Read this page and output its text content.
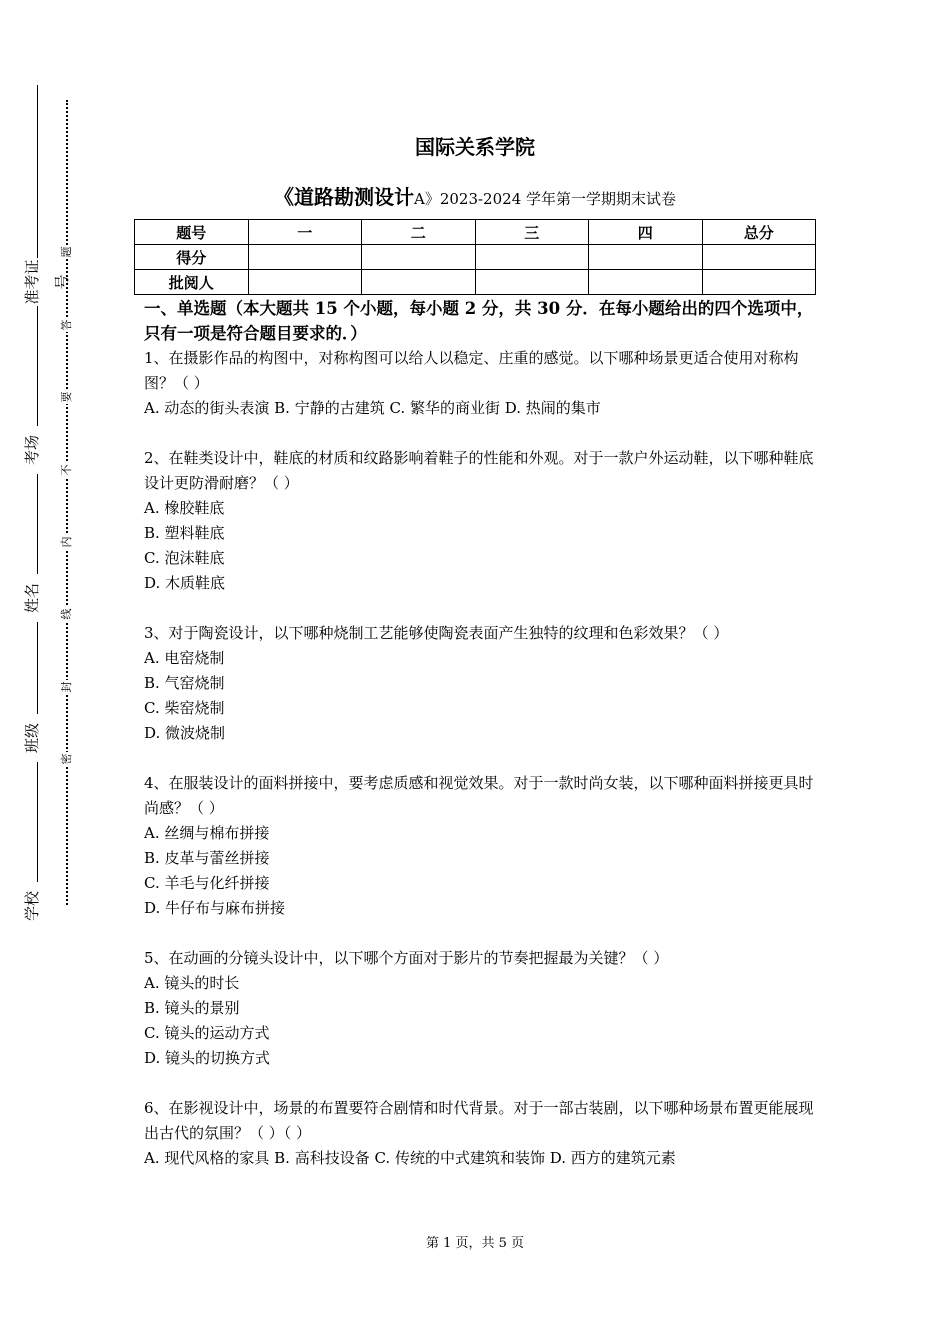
准考证号
考场
姓名
班级
学校
题
答
要
不
内
线
封
密
国际关系学院
《道路勘测设计A》2023-2024 学年第一学期期末试卷
题号	一	二	三	四	总分
得分					
批阅人					

一、单选题（本大题共 15 个小题，每小题 2 分，共 30 分．在每小题给出的四个选项中，只有一项是符合题目要求的．）

1、在摄影作品的构图中，对称构图可以给人以稳定、庄重的感觉。以下哪种场景更适合使用对称构图？（ ）

A. 动态的街头表演 B. 宁静的古建筑 C. 繁华的商业街 D. 热闹的集市

2、在鞋类设计中，鞋底的材质和纹路影响着鞋子的性能和外观。对于一款户外运动鞋，以下哪种鞋底设计更防滑耐磨？（ ）

A. 橡胶鞋底

B. 塑料鞋底

C. 泡沫鞋底

D. 木质鞋底

3、对于陶瓷设计，以下哪种烧制工艺能够使陶瓷表面产生独特的纹理和色彩效果？（ ）

A. 电窑烧制

B. 气窑烧制

C. 柴窑烧制

D. 微波烧制

4、在服装设计的面料拼接中，要考虑质感和视觉效果。对于一款时尚女装，以下哪种面料拼接更具时尚感？（ ）

A. 丝绸与棉布拼接

B. 皮革与蕾丝拼接

C. 羊毛与化纤拼接

D. 牛仔布与麻布拼接

5、在动画的分镜头设计中，以下哪个方面对于影片的节奏把握最为关键？（ ）

A. 镜头的时长

B. 镜头的景别

C. 镜头的运动方式

D. 镜头的切换方式

6、在影视设计中，场景的布置要符合剧情和时代背景。对于一部古装剧，以下哪种场景布置更能展现出古代的氛围？（ ）（ ）

A. 现代风格的家具 B. 高科技设备 C. 传统的中式建筑和装饰 D. 西方的建筑元素

第 1 页，共 5 页
